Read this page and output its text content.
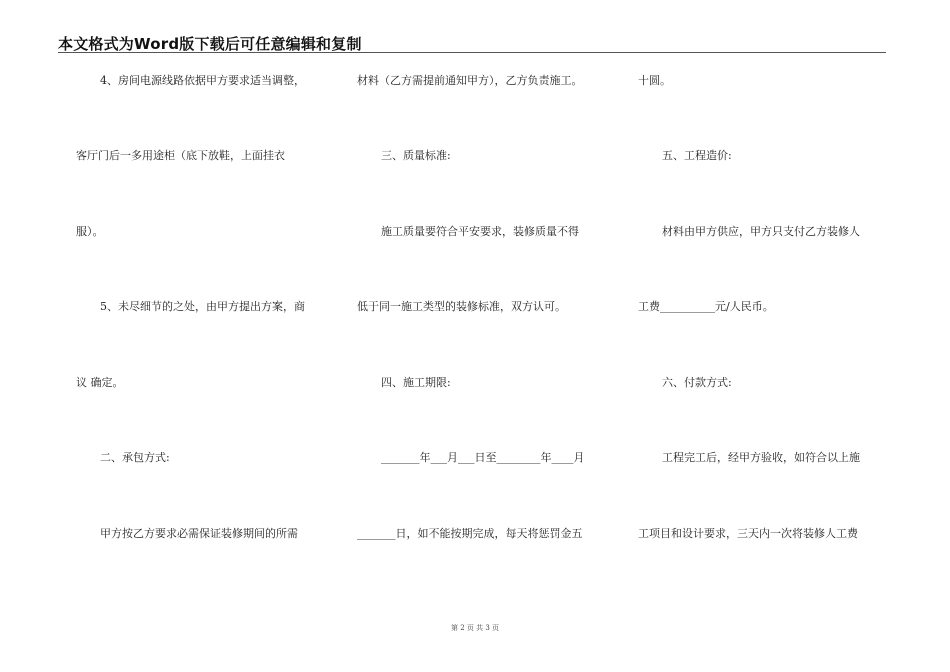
本文格式为Word版下载后可任意编辑和复制
4、房间电源线路依据甲方要求适当调整，
客厅门后一多用途柜（底下放鞋，上面挂衣
服）。
5、未尽细节的之处，由甲方提出方案，商
议 确定。
二、承包方式:
甲方按乙方要求必需保证装修期间的所需
材料（乙方需提前通知甲方），乙方负责施工。
三、质量标准:
施工质量要符合平安要求，装修质量不得
低于同一施工类型的装修标准，双方认可。
四、施工期限:
_______年___月___日至________年____月
_______日，如不能按期完成，每天将惩罚金五
十圆。
五、工程造价:
材料由甲方供应，甲方只支付乙方装修人
工费__________元/人民币。
六、付款方式:
工程完工后，经甲方验收，如符合以上施
工项目和设计要求，三天内一次将装修人工费
第 2 页 共 3 页
